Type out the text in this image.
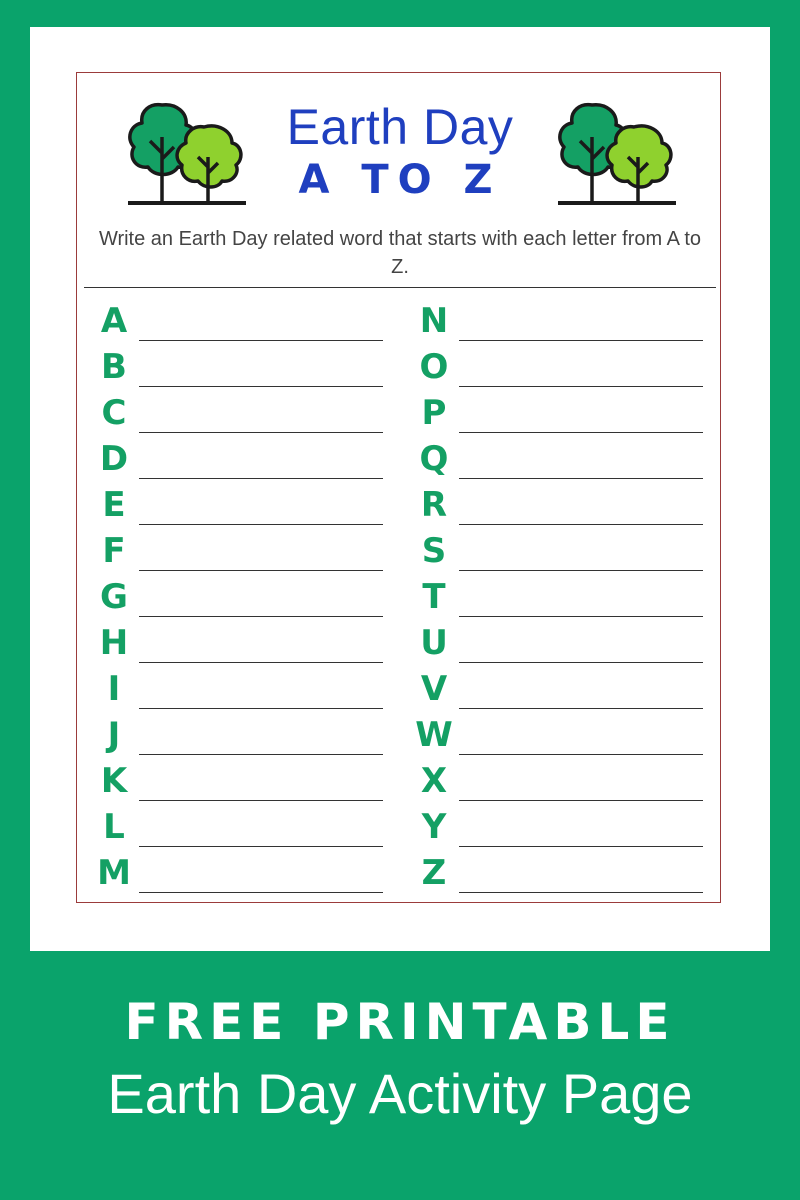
Earth Day
A TO Z
Write an Earth Day related word that starts with each letter from A to Z.
A
B
C
D
E
F
G
H
I
J
K
L
M
N
O
P
Q
R
S
T
U
V
W
X
Y
Z
FREE PRINTABLE
Earth Day Activity Page
